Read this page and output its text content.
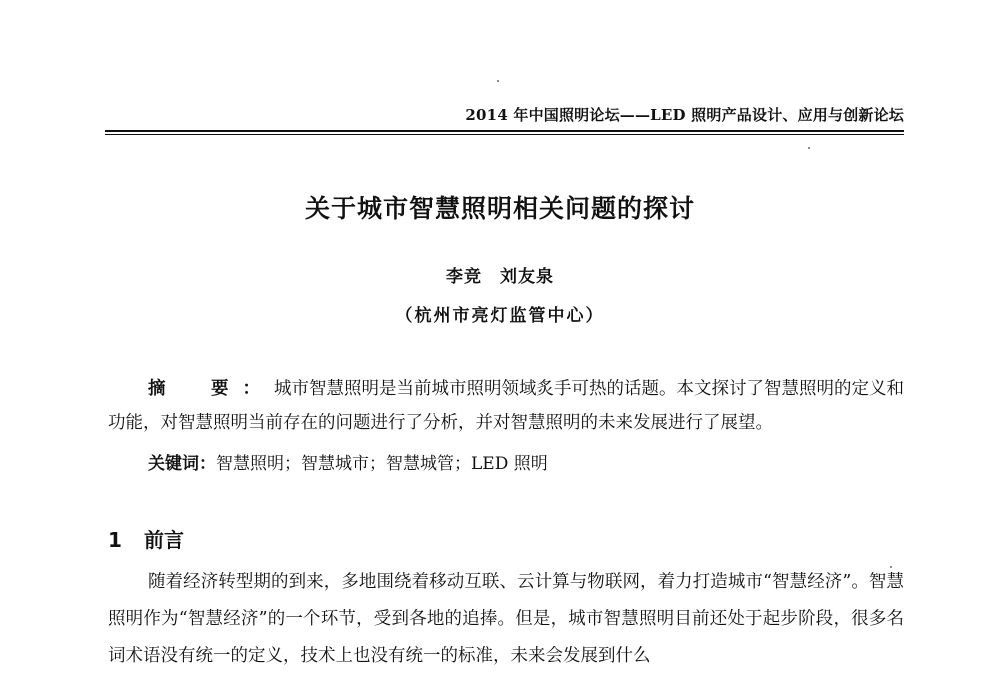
2014 年中国照明论坛——LED 照明产品设计、应用与创新论坛
关于城市智慧照明相关问题的探讨
李竞　刘友泉
（杭州市亮灯监管中心）

摘　要：城市智慧照明是当前城市照明领域炙手可热的话题。本文探讨了智慧照明的定义和功能，对智慧照明当前存在的问题进行了分析，并对智慧照明的未来发展进行了展望。

关键词：智慧照明；智慧城市；智慧城管；LED 照明

1 前言

随着经济转型期的到来，多地围绕着移动互联、云计算与物联网，着力打造城市“智慧经济”。智慧照明作为“智慧经济”的一个环节，受到各地的追捧。但是，城市智慧照明目前还处于起步阶段，很多名词术语没有统一的定义，技术上也没有统一的标准，未来会发展到什么
